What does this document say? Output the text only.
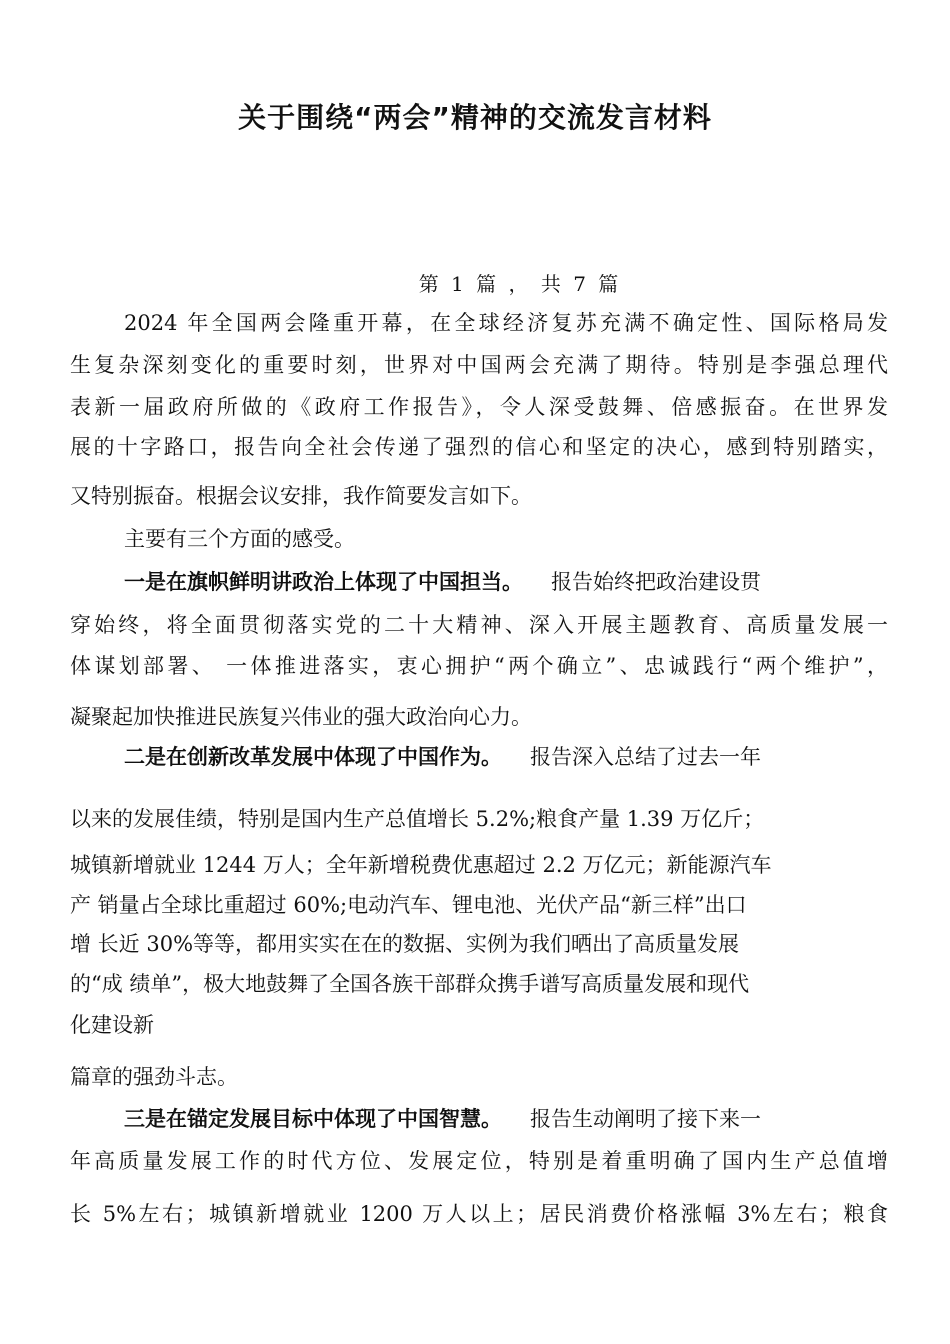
关于围绕“两会”精神的交流发言材料
第 1 篇 ， 共 7 篇

2024 年全国两会隆重开幕，在全球经济复苏充满不确定性、国际格局发

生复杂深刻变化的重要时刻，世界对中国两会充满了期待。特别是李强总理代

表新一届政府所做的《政府工作报告》，令人深受鼓舞、倍感振奋。在世界发

展的十字路口，报告向全社会传递了强烈的信心和坚定的决心，感到特别踏实，

又特别振奋。根据会议安排，我作简要发言如下。

主要有三个方面的感受。

一是在旗帜鲜明讲政治上体现了中国担当。 报告始终把政治建设贯

穿始终，将全面贯彻落实党的二十大精神、深入开展主题教育、高质量发展一

体谋划部署、 一体推进落实，衷心拥护“两个确立”、忠诚践行“两个维护”，

凝聚起加快推进民族复兴伟业的强大政治向心力。

二是在创新改革发展中体现了中国作为。 报告深入总结了过去一年

以来的发展佳绩，特别是国内生产总值增长 5.2%;粮食产量 1.39 万亿斤；

城镇新增就业 1244 万人；全年新增税费优惠超过 2.2 万亿元；新能源汽车

产 销量占全球比重超过 60%;电动汽车、锂电池、光伏产品“新三样”出口

增 长近 30%等等，都用实实在在的数据、实例为我们晒出了高质量发展

的“成 绩单”，极大地鼓舞了全国各族干部群众携手谱写高质量发展和现代

化建设新

篇章的强劲斗志。

三是在锚定发展目标中体现了中国智慧。 报告生动阐明了接下来一

年高质量发展工作的时代方位、发展定位，特别是着重明确了国内生产总值增

长 5%左右；城镇新增就业 1200 万人以上；居民消费价格涨幅 3%左右；粮食
